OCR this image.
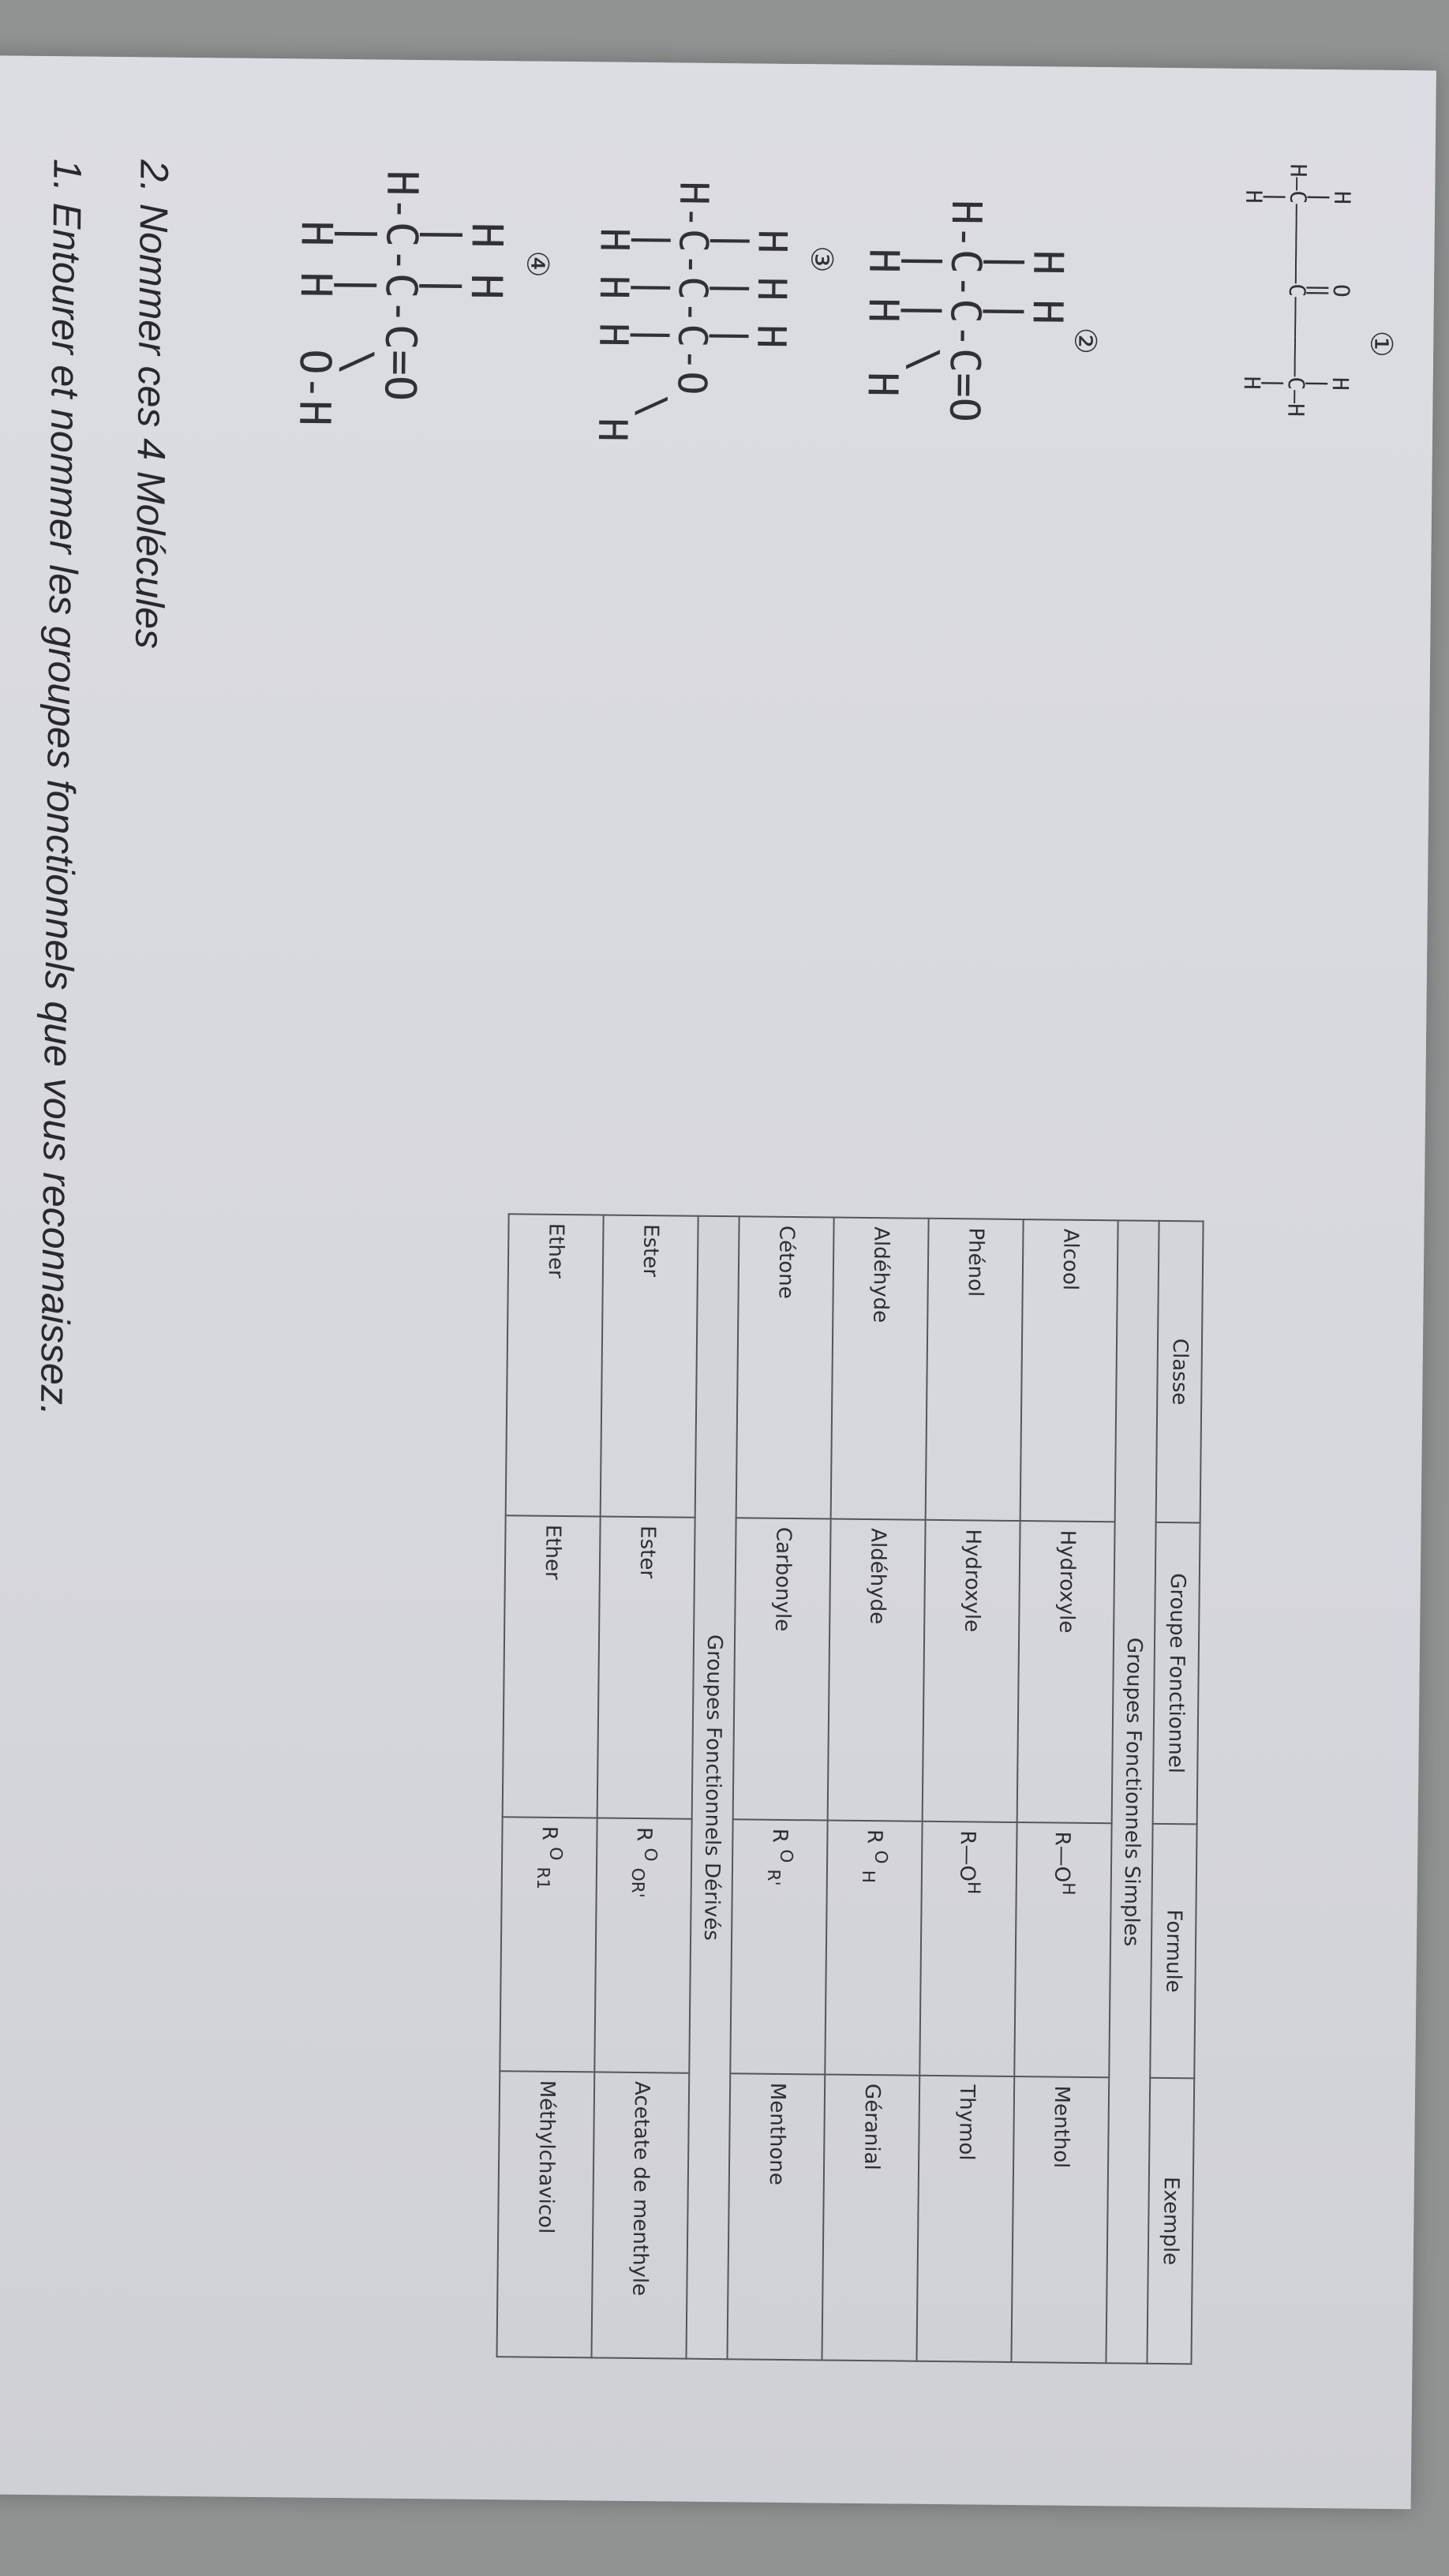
①
H      O      H
|      ‖      |
H—C——————C——————C—H
|             |
H             H
②
H H
| |
H-C-C-C=O
| | \
H H  H
③
H H H
| | |
H-C-C-C-O
| | |  \
H H H   H
④
H H
| |
H-C-C-C=O
| |  \
H H  O-H
Classe	Groupe Fonctionnel	Formule	Exemple
Groupes Fonctionnels Simples			
Alcool	Hydroxyle	$R—O^H$	Menthol
Phénol	Hydroxyle	$R—O^H$	Thymol
Aldéhyde	Aldéhyde	R $^O$ $_H$	Géranial
Cétone	Carbonyle	R $^O$ $_{R'}$	Menthone
Groupes Fonctionnels Dérivés			
Ester	Ester	R $^O$ $_{OR'}$	Acetate de menthyle
Ether	Ether	R $^O$ $_{R1}$	Méthylchavicol
2. Nommer ces 4 Molécules
1. Entourer et nommer les groupes fonctionnels que vous reconnaissez.
